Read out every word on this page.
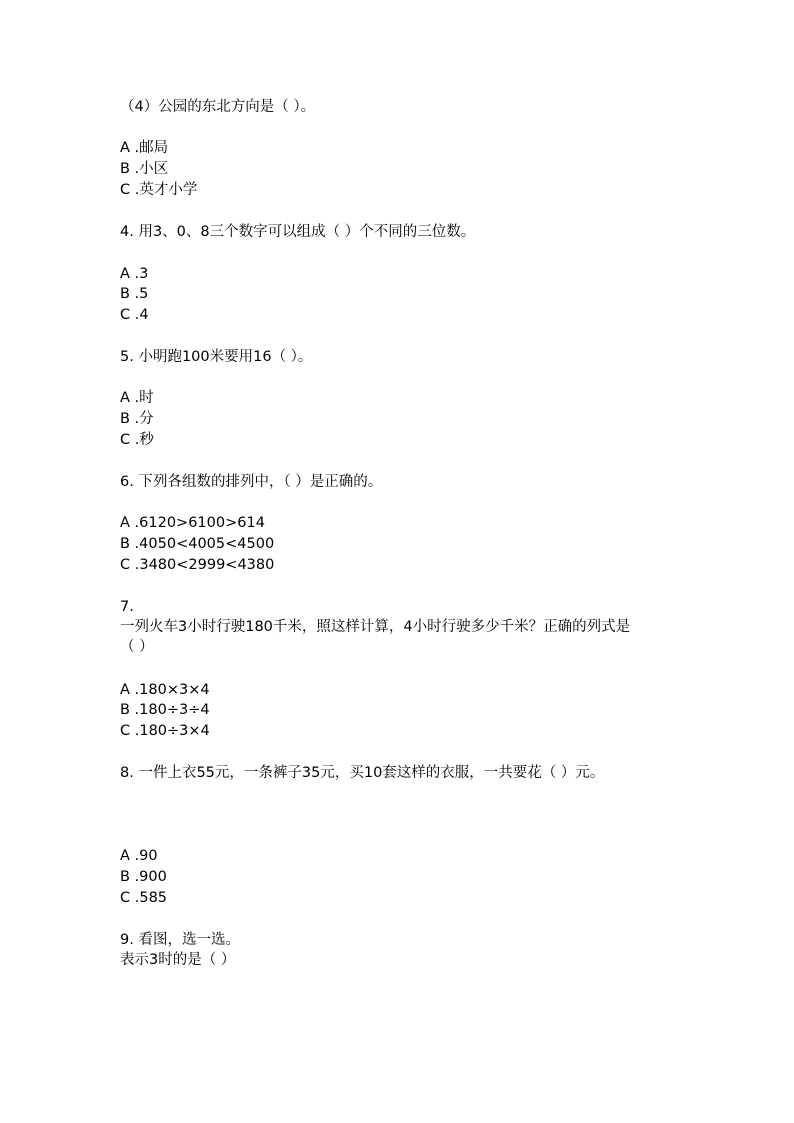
（4）公园的东北方向是（ ）。
A .邮局
B .小区
C .英才小学
4. 用3、0、8三个数字可以组成（ ）个不同的三位数。
A .3
B .5
C .4
5. 小明跑100米要用16（ ）。
A .时
B .分
C .秒
6. 下列各组数的排列中，（ ）是正确的。
A .6120>6100>614
B .4050<4005<4500
C .3480<2999<4380
7.
一列火车3小时行驶180千米，照这样计算，4小时行驶多少千米？正确的列式是
（ ）
A .180×3×4
B .180÷3÷4
C .180÷3×4
8. 一件上衣55元，一条裤子35元，买10套这样的衣服，一共要花（ ）元。
A .90
B .900
C .585
9. 看图，选一选。
表示3时的是（ ）
